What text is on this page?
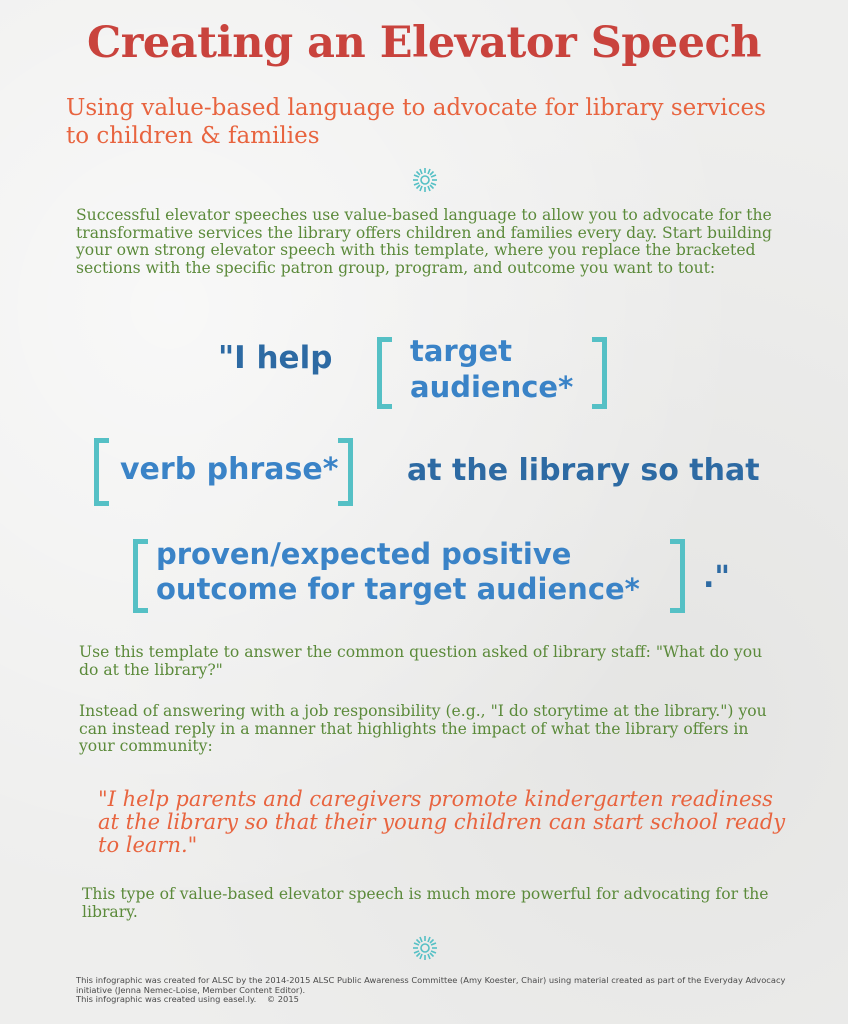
Creating an Elevator Speech
Using value-based language to advocate for library services to children & families
Successful elevator speeches use value-based language to allow you to advocate for the transformative services the library offers children and families every day. Start building your own strong elevator speech with this template, where you replace the bracketed sections with the specific patron group, program, and outcome you want to tout:
"I help	target
audience*
verb phrase* at the library so that
proven/expected positive
outcome for target audience* ."
Use this template to answer the common question asked of library staff: "What do you do at the library?"
Instead of answering with a job responsibility (e.g., "I do storytime at the library.") you can instead reply in a manner that highlights the impact of what the library offers in your community:
"I help parents and caregivers promote kindergarten readiness at the library so that their young children can start school ready to learn."
This type of value-based elevator speech is much more powerful for advocating for the library.
This infographic was created for ALSC by the 2014-2015 ALSC Public Awareness Committee (Amy Koester, Chair) using material created as part of the Everyday Advocacy initiative (Jenna Nemec-Loise, Member Content Editor).
This infographic was created using easel.ly.    © 2015
